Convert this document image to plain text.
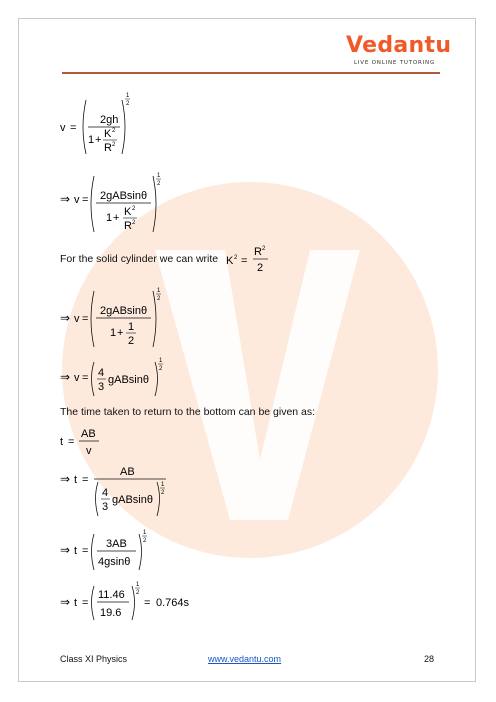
Vedantu
LIVE ONLINE TUTORING
v =
2gh
1 + K 2
R 2
1
2
⇒ v = 2gABsinθ
1 + K 2
R 2
1
2
For the solid cylinder we can write K 2 =
R 2
2
⇒ v =
2gABsinθ
1 + 1
2
1
2
⇒ v = 4
3
gABsinθ
1
2
The time taken to return to the bottom can be given as:
t =
AB
v
⇒ t =
AB
4
3
gABsinθ
1
2
⇒ t =
3AB
4gsinθ
1
2
⇒ t =
11.46
19.6
1
2
= 0.764s
Class XI Physics	www.vedantu.com	28
